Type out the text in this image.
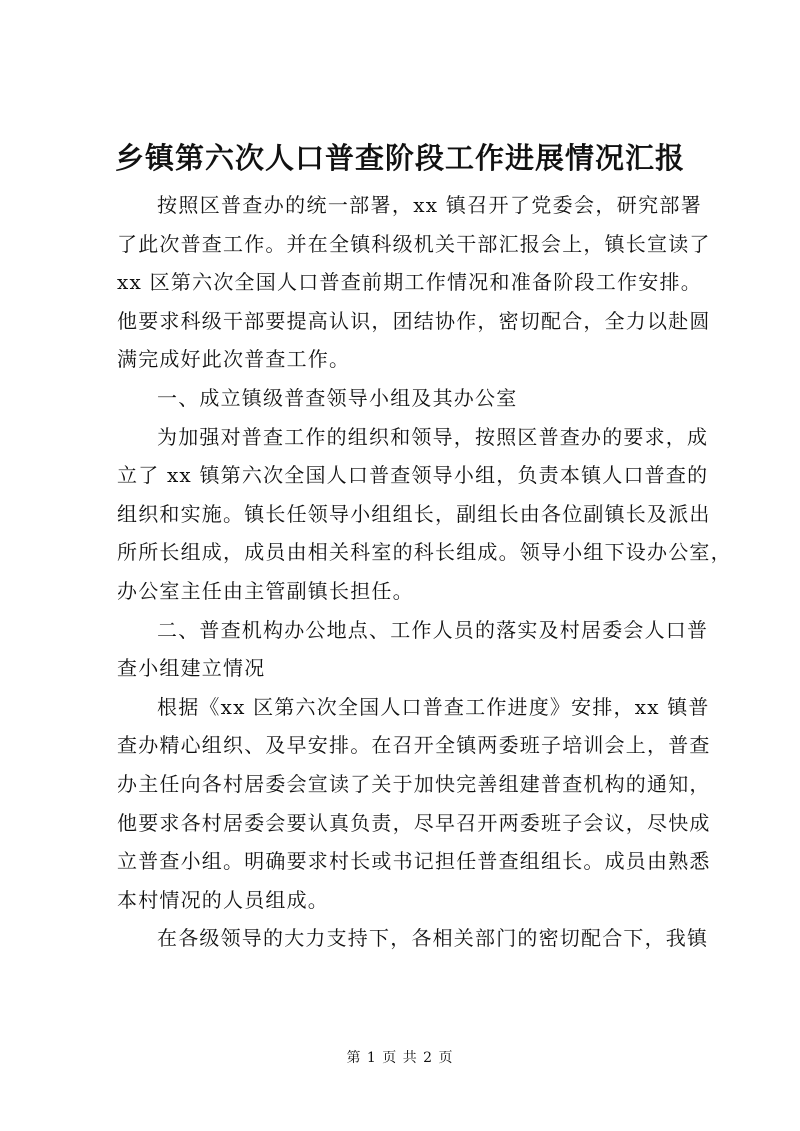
乡镇第六次人口普查阶段工作进展情况汇报
按照区普查办的统一部署，xx 镇召开了党委会，研究部署
了此次普查工作。并在全镇科级机关干部汇报会上，镇长宣读了
xx 区第六次全国人口普查前期工作情况和准备阶段工作安排。
他要求科级干部要提高认识，团结协作，密切配合，全力以赴圆
满完成好此次普查工作。
一、成立镇级普查领导小组及其办公室
为加强对普查工作的组织和领导，按照区普查办的要求，成
立了 xx 镇第六次全国人口普查领导小组，负责本镇人口普查的
组织和实施。镇长任领导小组组长，副组长由各位副镇长及派出
所所长组成，成员由相关科室的科长组成。领导小组下设办公室，
办公室主任由主管副镇长担任。
二、普查机构办公地点、工作人员的落实及村居委会人口普
查小组建立情况
根据《xx 区第六次全国人口普查工作进度》安排，xx 镇普
查办精心组织、及早安排。在召开全镇两委班子培训会上，普查
办主任向各村居委会宣读了关于加快完善组建普查机构的通知，
他要求各村居委会要认真负责，尽早召开两委班子会议，尽快成
立普查小组。明确要求村长或书记担任普查组组长。成员由熟悉
本村情况的人员组成。
在各级领导的大力支持下，各相关部门的密切配合下，我镇
第 1 页 共 2 页
